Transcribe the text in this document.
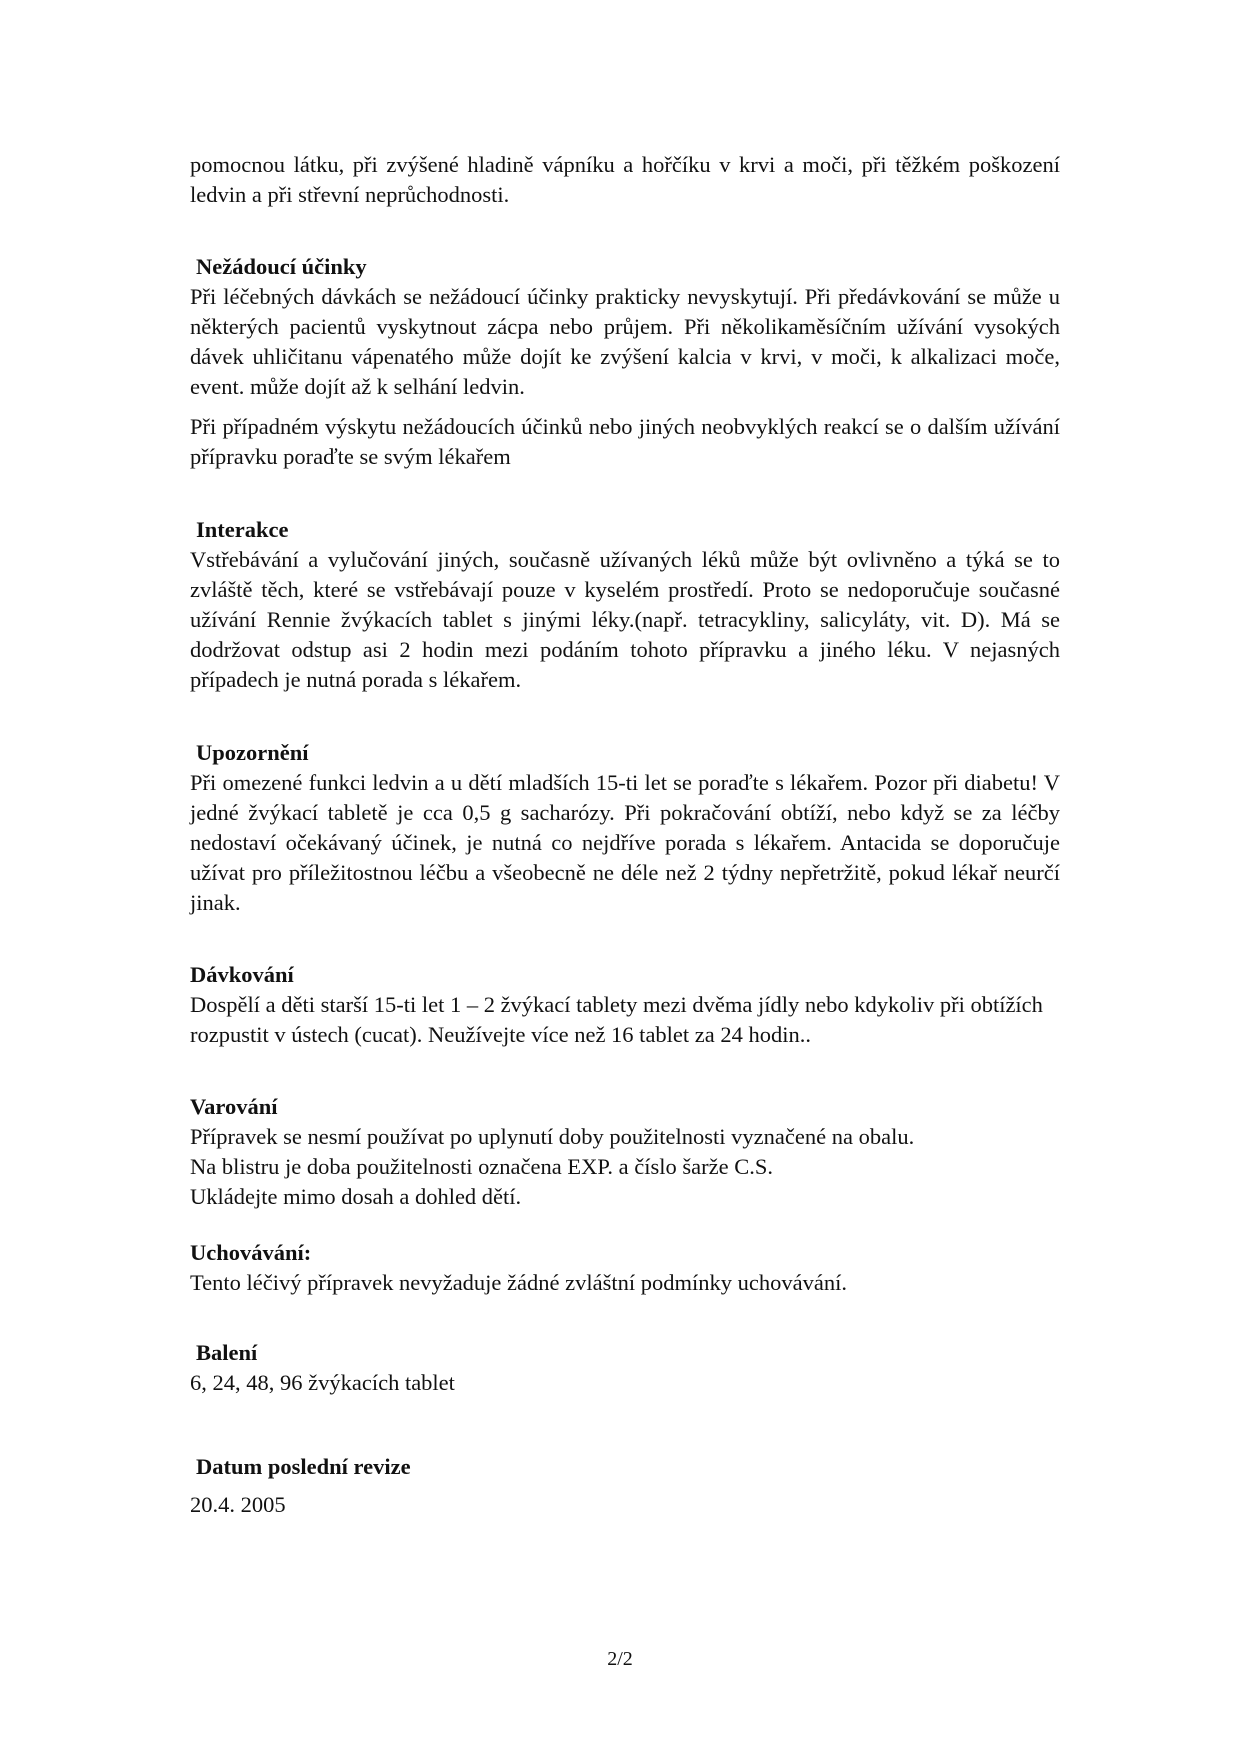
pomocnou látku, při zvýšené hladině vápníku a hořčíku v krvi a moči, při těžkém poškození ledvin a při střevní neprůchodnosti.

Nežádoucí účinky

Při léčebných dávkách se nežádoucí účinky prakticky nevyskytují. Při předávkování se může u některých pacientů vyskytnout zácpa nebo průjem. Při několikaměsíčním užívání vysokých dávek uhličitanu vápenatého může dojít ke zvýšení kalcia v krvi, v moči, k alkalizaci moče, event. může dojít až k selhání ledvin.

Při případném výskytu nežádoucích účinků nebo jiných neobvyklých reakcí se o dalším užívání přípravku poraďte se svým lékařem

Interakce

Vstřebávání a vylučování jiných, současně užívaných léků může být ovlivněno a týká se to zvláště těch, které se vstřebávají pouze v kyselém prostředí. Proto se nedoporučuje současné užívání Rennie žvýkacích tablet s jinými léky.(např. tetracykliny, salicyláty, vit. D). Má se dodržovat odstup asi 2 hodin mezi podáním tohoto přípravku a jiného léku. V nejasných případech je nutná porada s lékařem.

Upozornění

Při omezené funkci ledvin a u dětí mladších 15-ti let se poraďte s lékařem. Pozor při diabetu! V jedné žvýkací tabletě je cca 0,5 g sacharózy. Při pokračování obtíží, nebo když se za léčby nedostaví očekávaný účinek, je nutná co nejdříve porada s lékařem. Antacida se doporučuje užívat pro příležitostnou léčbu a všeobecně ne déle než 2 týdny nepřetržitě, pokud lékař neurčí jinak.

Dávkování

Dospělí a děti starší 15-ti let 1 – 2 žvýkací tablety mezi dvěma jídly nebo kdykoliv při obtížích rozpustit v ústech (cucat). Neužívejte více než 16 tablet za 24 hodin..

Varování

Přípravek se nesmí používat po uplynutí doby použitelnosti vyznačené na obalu.

Na blistru je doba použitelnosti označena EXP. a číslo šarže C.S.

Ukládejte mimo dosah a dohled dětí.

Uchovávání:

Tento léčivý přípravek nevyžaduje žádné zvláštní podmínky uchovávání.

Balení

6, 24, 48, 96 žvýkacích tablet

Datum poslední revize

20.4. 2005

2/2
